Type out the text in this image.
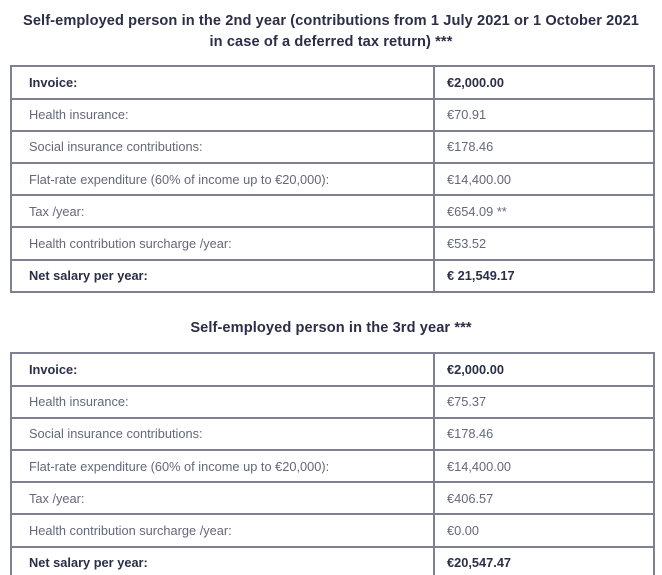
Self-employed person in the 2nd year (contributions from 1 July 2021 or 1 October 2021 in case of a deferred tax return) ***
Invoice:	€2,000.00
Health insurance:	€70.91
Social insurance contributions:	€178.46
Flat-rate expenditure (60% of income up to €20,000):	€14,400.00
Tax /year:	€654.09 **
Health contribution surcharge /year:	€53.52
Net salary per year:	€ 21,549.17
Self-employed person in the 3rd year ***
Invoice:	€2,000.00
Health insurance:	€75.37
Social insurance contributions:	€178.46
Flat-rate expenditure (60% of income up to €20,000):	€14,400.00
Tax /year:	€406.57
Health contribution surcharge /year:	€0.00
Net salary per year:	€20,547.47
